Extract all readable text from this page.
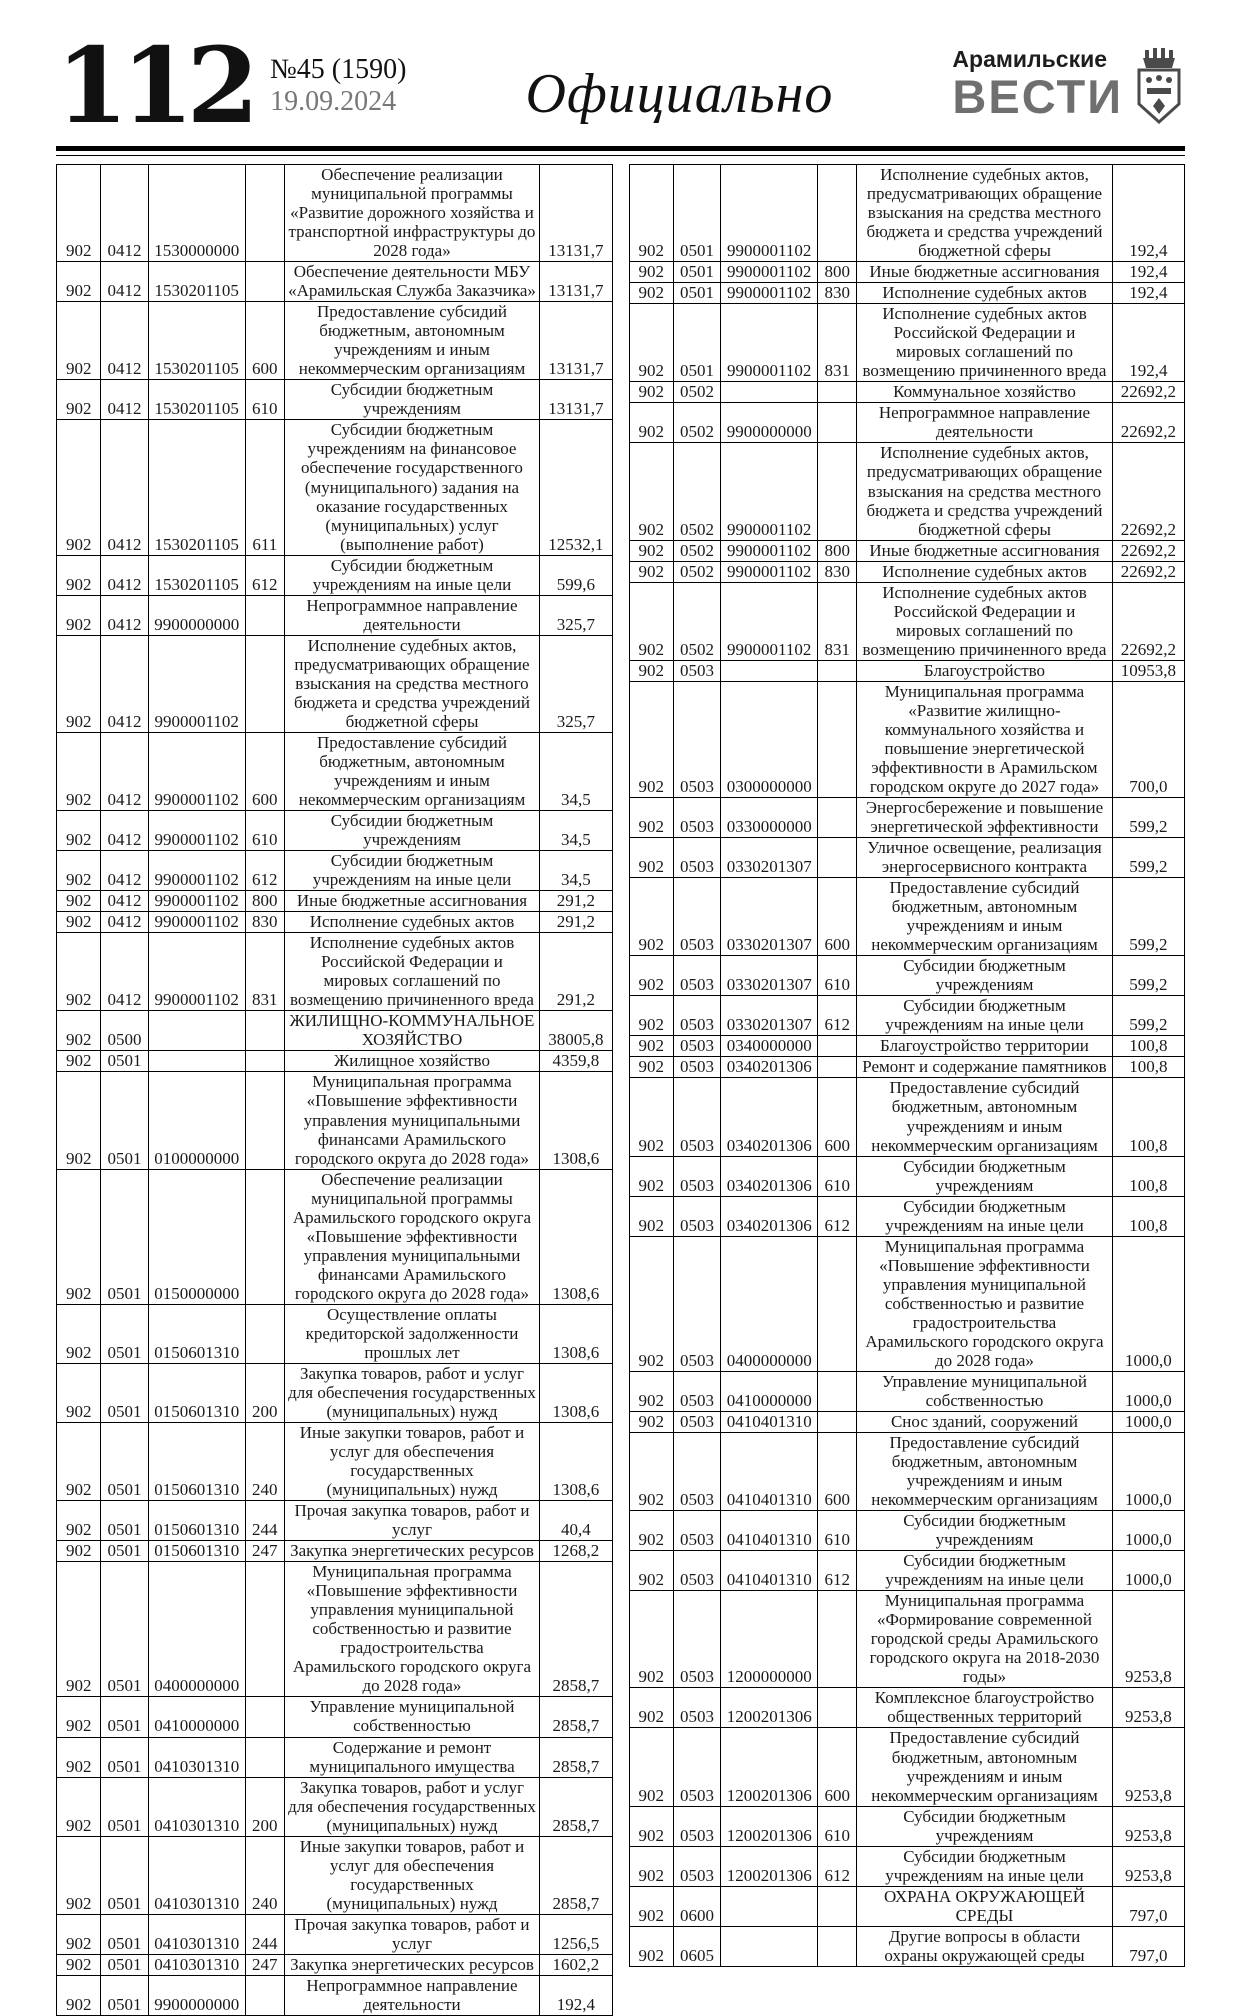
112 №45 (1590)
19.09.2024 Официально
Арамильские
ВЕСТИ
902	0412	1530000000		Обеспечение реализации муниципальной программы «Развитие дорожного хозяйства и транспортной инфраструктуры до 2028 года»	13131,7
902	0412	1530201105		Обеспечение деятельности МБУ «Арамильская Служба Заказчика»	13131,7
902	0412	1530201105	600	Предоставление субсидий бюджетным, автономным учреждениям и иным некоммерческим организациям	13131,7
902	0412	1530201105	610	Субсидии бюджетным учреждениям	13131,7
902	0412	1530201105	611	Субсидии бюджетным учреждениям на финансовое обеспечение государственного (муниципального) задания на оказание государственных (муниципальных) услуг (выполнение работ)	12532,1
902	0412	1530201105	612	Субсидии бюджетным учреждениям на иные цели	599,6
902	0412	9900000000		Непрограммное направление деятельности	325,7
902	0412	9900001102		Исполнение судебных актов, предусматривающих обращение взыскания на средства местного бюджета и средства учреждений бюджетной сферы	325,7
902	0412	9900001102	600	Предоставление субсидий бюджетным, автономным учреждениям и иным некоммерческим организациям	34,5
902	0412	9900001102	610	Субсидии бюджетным учреждениям	34,5
902	0412	9900001102	612	Субсидии бюджетным учреждениям на иные цели	34,5
902	0412	9900001102	800	Иные бюджетные ассигнования	291,2
902	0412	9900001102	830	Исполнение судебных актов	291,2
902	0412	9900001102	831	Исполнение судебных актов Российской Федерации и мировых соглашений по возмещению причиненного вреда	291,2
902	0500			ЖИЛИЩНО-КОММУНАЛЬНОЕ ХОЗЯЙСТВО	38005,8
902	0501			Жилищное хозяйство	4359,8
902	0501	0100000000		Муниципальная программа «Повышение эффективности управления муниципальными финансами Арамильского городского округа до 2028 года»	1308,6
902	0501	0150000000		Обеспечение реализации муниципальной программы Арамильского городского округа «Повышение эффективности управления муниципальными финансами Арамильского городского округа до 2028 года»	1308,6
902	0501	0150601310		Осуществление оплаты кредиторской задолженности прошлых лет	1308,6
902	0501	0150601310	200	Закупка товаров, работ и услуг для обеспечения государственных (муниципальных) нужд	1308,6
902	0501	0150601310	240	Иные закупки товаров, работ и услуг для обеспечения государственных (муниципальных) нужд	1308,6
902	0501	0150601310	244	Прочая закупка товаров, работ и услуг	40,4
902	0501	0150601310	247	Закупка энергетических ресурсов	1268,2
902	0501	0400000000		Муниципальная программа «Повышение эффективности управления муниципальной собственностью и развитие градостроительства Арамильского городского округа до 2028 года»	2858,7
902	0501	0410000000		Управление муниципальной собственностью	2858,7
902	0501	0410301310		Содержание и ремонт муниципального имущества	2858,7
902	0501	0410301310	200	Закупка товаров, работ и услуг для обеспечения государственных (муниципальных) нужд	2858,7
902	0501	0410301310	240	Иные закупки товаров, работ и услуг для обеспечения государственных (муниципальных) нужд	2858,7
902	0501	0410301310	244	Прочая закупка товаров, работ и услуг	1256,5
902	0501	0410301310	247	Закупка энергетических ресурсов	1602,2
902	0501	9900000000		Непрограммное направление деятельности	192,4
902	0501	9900001102		Исполнение судебных актов, предусматривающих обращение взыскания на средства местного бюджета и средства учреждений бюджетной сферы	192,4
902	0501	9900001102	800	Иные бюджетные ассигнования	192,4
902	0501	9900001102	830	Исполнение судебных актов	192,4
902	0501	9900001102	831	Исполнение судебных актов Российской Федерации и мировых соглашений по возмещению причиненного вреда	192,4
902	0502			Коммунальное хозяйство	22692,2
902	0502	9900000000		Непрограммное направление деятельности	22692,2
902	0502	9900001102		Исполнение судебных актов, предусматривающих обращение взыскания на средства местного бюджета и средства учреждений бюджетной сферы	22692,2
902	0502	9900001102	800	Иные бюджетные ассигнования	22692,2
902	0502	9900001102	830	Исполнение судебных актов	22692,2
902	0502	9900001102	831	Исполнение судебных актов Российской Федерации и мировых соглашений по возмещению причиненного вреда	22692,2
902	0503			Благоустройство	10953,8
902	0503	0300000000		Муниципальная программа «Развитие жилищно-коммунального хозяйства и повышение энергетической эффективности в Арамильском городском округе до 2027 года»	700,0
902	0503	0330000000		Энергосбережение и повышение энергетической эффективности	599,2
902	0503	0330201307		Уличное освещение, реализация энергосервисного контракта	599,2
902	0503	0330201307	600	Предоставление субсидий бюджетным, автономным учреждениям и иным некоммерческим организациям	599,2
902	0503	0330201307	610	Субсидии бюджетным учреждениям	599,2
902	0503	0330201307	612	Субсидии бюджетным учреждениям на иные цели	599,2
902	0503	0340000000		Благоустройство территории	100,8
902	0503	0340201306		Ремонт и содержание памятников	100,8
902	0503	0340201306	600	Предоставление субсидий бюджетным, автономным учреждениям и иным некоммерческим организациям	100,8
902	0503	0340201306	610	Субсидии бюджетным учреждениям	100,8
902	0503	0340201306	612	Субсидии бюджетным учреждениям на иные цели	100,8
902	0503	0400000000		Муниципальная программа «Повышение эффективности управления муниципальной собственностью и развитие градостроительства Арамильского городского округа до 2028 года»	1000,0
902	0503	0410000000		Управление муниципальной собственностью	1000,0
902	0503	0410401310		Снос зданий, сооружений	1000,0
902	0503	0410401310	600	Предоставление субсидий бюджетным, автономным учреждениям и иным некоммерческим организациям	1000,0
902	0503	0410401310	610	Субсидии бюджетным учреждениям	1000,0
902	0503	0410401310	612	Субсидии бюджетным учреждениям на иные цели	1000,0
902	0503	1200000000		Муниципальная программа «Формирование современной городской среды Арамильского городского округа на 2018-2030 годы»	9253,8
902	0503	1200201306		Комплексное благоустройство общественных территорий	9253,8
902	0503	1200201306	600	Предоставление субсидий бюджетным, автономным учреждениям и иным некоммерческим организациям	9253,8
902	0503	1200201306	610	Субсидии бюджетным учреждениям	9253,8
902	0503	1200201306	612	Субсидии бюджетным учреждениям на иные цели	9253,8
902	0600			ОХРАНА ОКРУЖАЮЩЕЙ СРЕДЫ	797,0
902	0605			Другие вопросы в области охраны окружающей среды	797,0
